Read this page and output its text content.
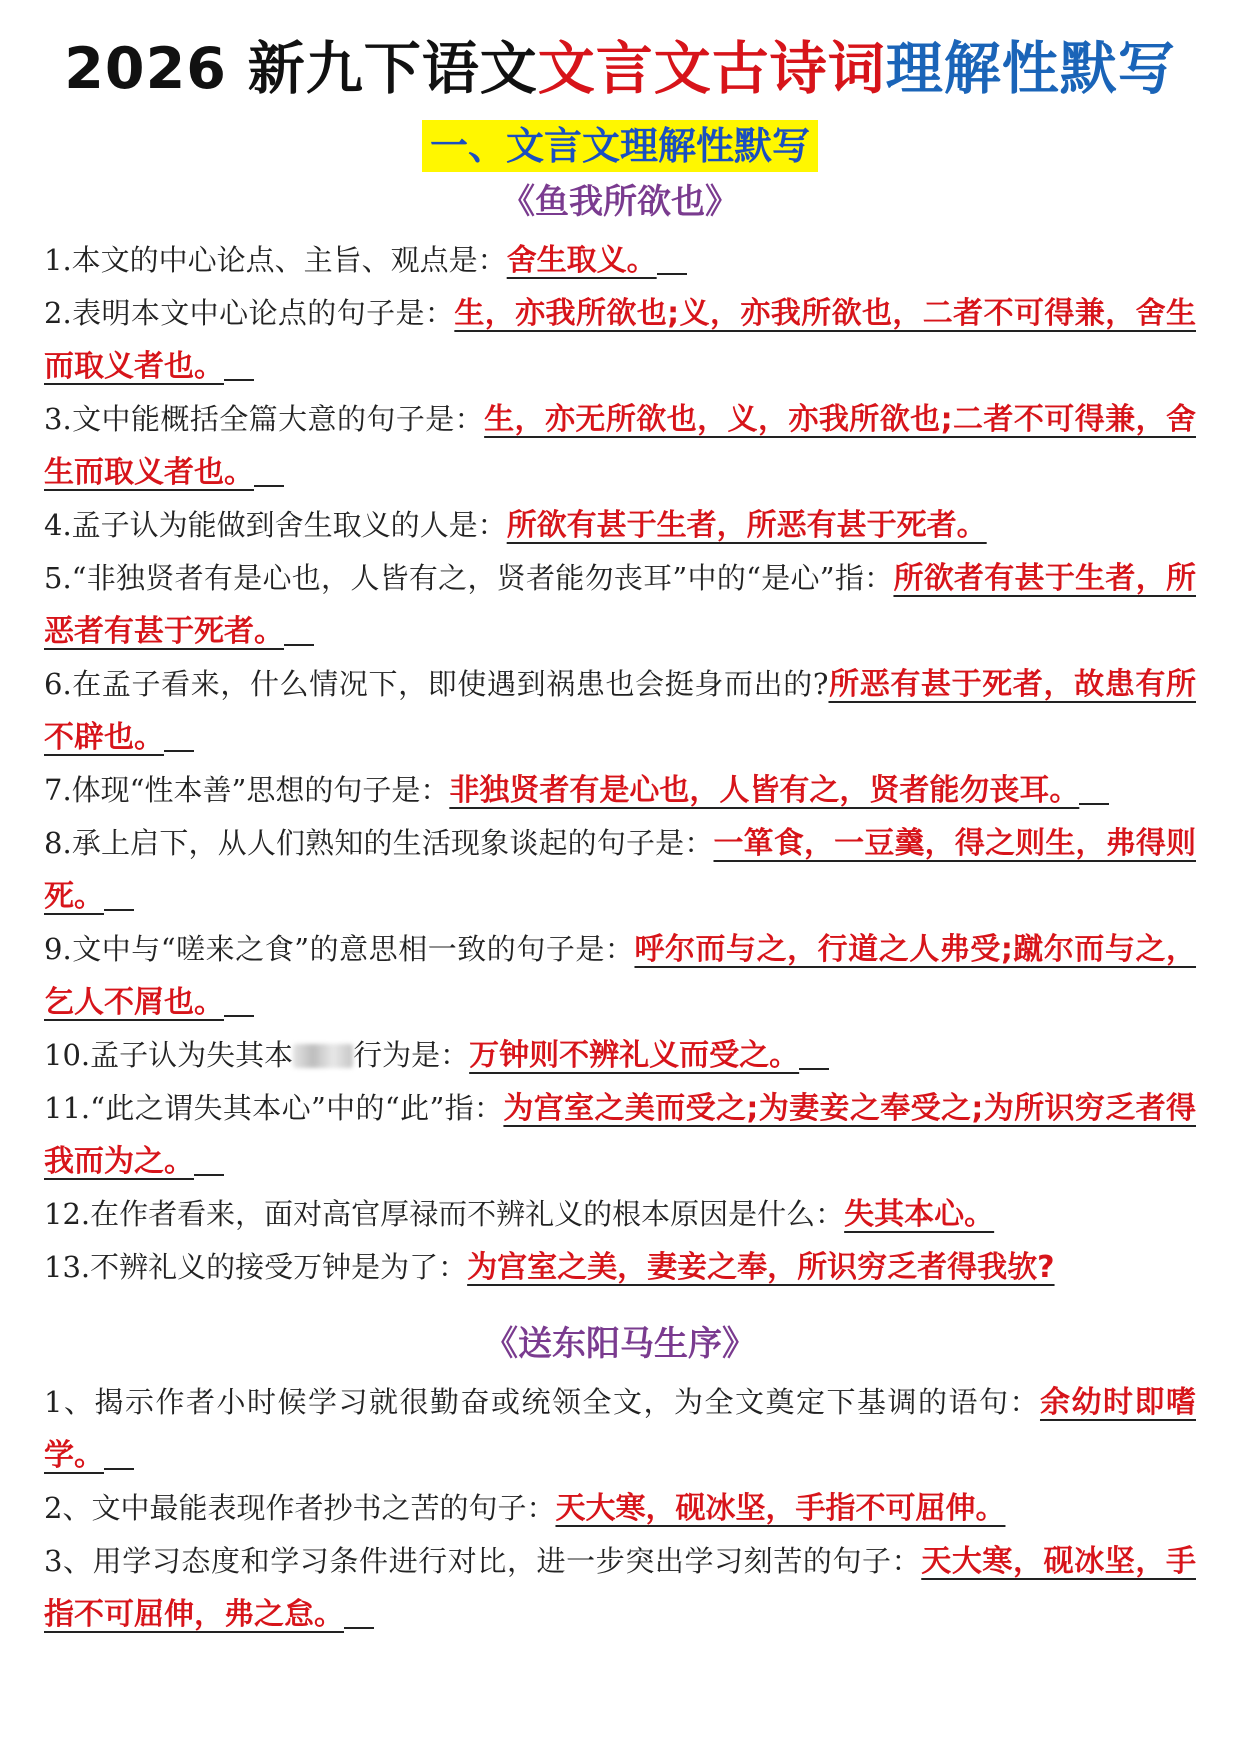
2026 新九下语文文言文古诗词理解性默写
一、文言文理解性默写
《鱼我所欲也》

1.本文的中心论点、主旨、观点是：舍生取义。

2.表明本文中心论点的句子是：生，亦我所欲也;义，亦我所欲也，二者不可得兼，舍生而取义者也。

3.文中能概括全篇大意的句子是：生，亦无所欲也，义，亦我所欲也;二者不可得兼，舍生而取义者也。

4.孟子认为能做到舍生取义的人是：所欲有甚于生者，所恶有甚于死者。

5.“非独贤者有是心也，人皆有之，贤者能勿丧耳”中的“是心”指：所欲者有甚于生者，所恶者有甚于死者。

6.在孟子看来，什么情况下，即使遇到祸患也会挺身而出的?所恶有甚于死者，故患有所不辟也。

7.体现“性本善”思想的句子是：非独贤者有是心也，人皆有之，贤者能勿丧耳。

8.承上启下，从人们熟知的生活现象谈起的句子是：一箪食，一豆羹，得之则生，弗得则死。

9.文中与“嗟来之食”的意思相一致的句子是：呼尔而与之，行道之人弗受;蹴尔而与之，乞人不屑也。

10.孟子认为失其本 行为是：万钟则不辨礼义而受之。

11.“此之谓失其本心”中的“此”指：为宫室之美而受之;为妻妾之奉受之;为所识穷乏者得我而为之。

12.在作者看来，面对高官厚禄而不辨礼义的根本原因是什么：失其本心。

13.不辨礼义的接受万钟是为了：为宫室之美，妻妾之奉，所识穷乏者得我欤?

《送东阳马生序》

1、揭示作者小时候学习就很勤奋或统领全文，为全文奠定下基调的语句：余幼时即嗜学。

2、文中最能表现作者抄书之苦的句子：天大寒，砚冰坚，手指不可屈伸。

3、用学习态度和学习条件进行对比，进一步突出学习刻苦的句子：天大寒，砚冰坚，手指不可屈伸，弗之怠。
